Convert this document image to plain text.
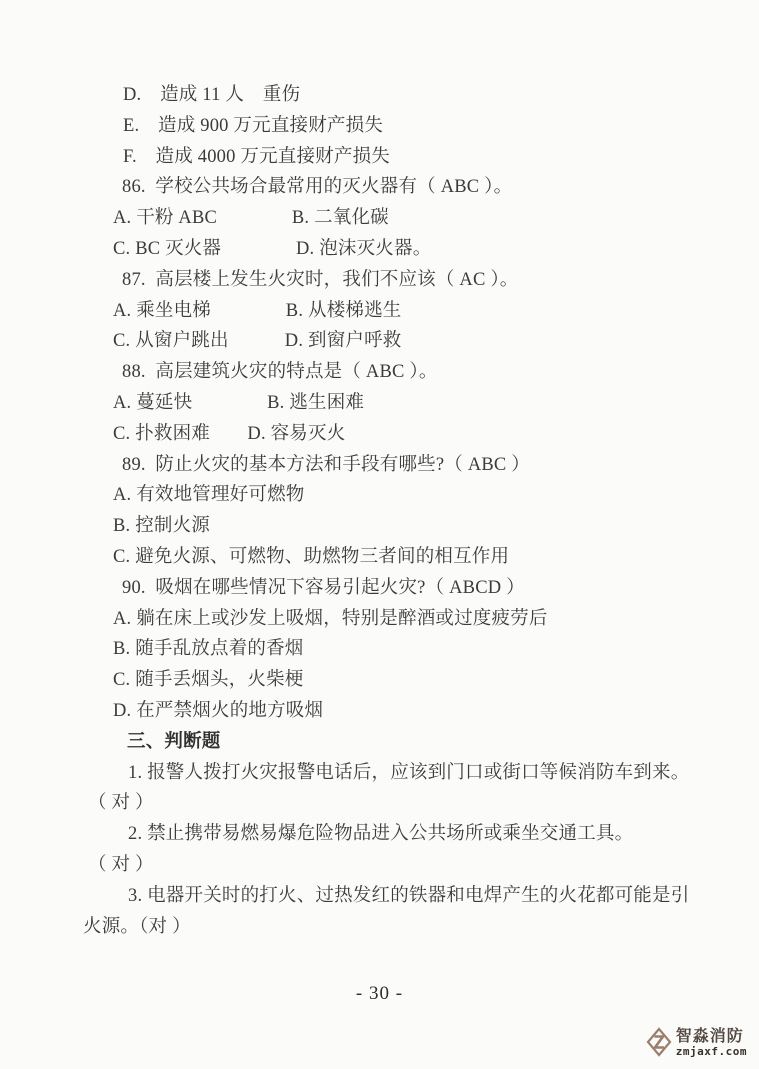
D.　造成 11 人　重伤
E.　造成 900 万元直接财产损失
F.　造成 4000 万元直接财产损失
86.  学校公共场合最常用的灭火器有（ ABC ）。
A. 干粉 ABC　　　　B. 二氧化碳
C. BC 灭火器　　　　D. 泡沫灭火器。
87.  高层楼上发生火灾时，我们不应该（ AC ）。
A. 乘坐电梯　　　　B. 从楼梯逃生
C. 从窗户跳出　　　D. 到窗户呼救
88.  高层建筑火灾的特点是（ ABC ）。
A. 蔓延快　　　　B. 逃生困难
C. 扑救困难　　D. 容易灭火
89.  防止火灾的基本方法和手段有哪些?（ ABC ）
A. 有效地管理好可燃物
B. 控制火源
C. 避免火源、可燃物、助燃物三者间的相互作用
90.  吸烟在哪些情况下容易引起火灾?（ ABCD ）
A. 躺在床上或沙发上吸烟，特别是醉酒或过度疲劳后
B. 随手乱放点着的香烟
C. 随手丢烟头，火柴梗
D. 在严禁烟火的地方吸烟
三、判断题
1. 报警人拨打火灾报警电话后，应该到门口或街口等候消防车到来。
（ 对 ）
2. 禁止携带易燃易爆危险物品进入公共场所或乘坐交通工具。
（ 对 ）
3. 电器开关时的打火、过热发红的铁器和电焊产生的火花都可能是引
火源。（对 ）
- 30 -
智淼消防
zmjaxf.com
